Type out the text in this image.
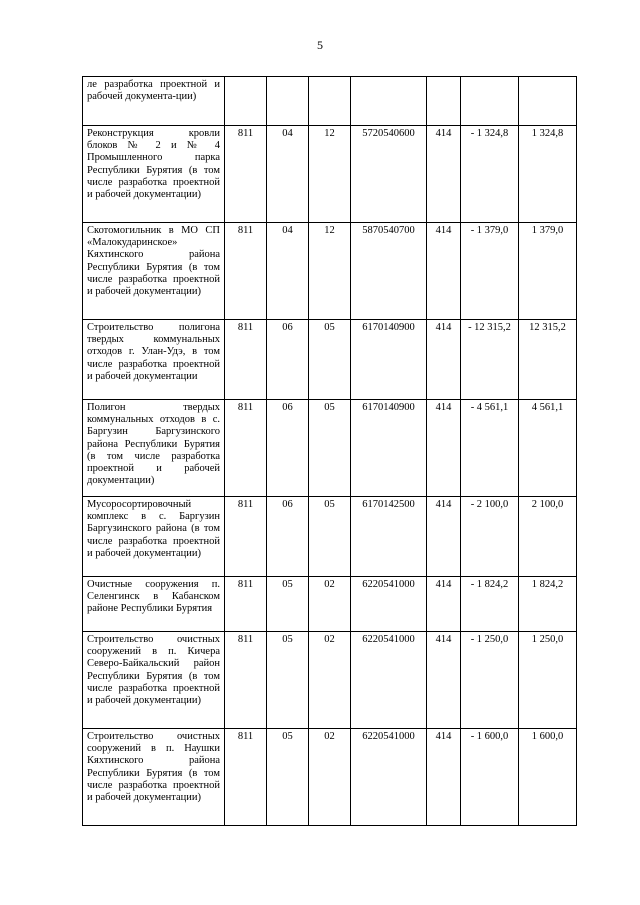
5
ле разработка проектной и рабочей документа-ции)							

Реконструкция кровли блоков № 2 и № 4 Промышленного парка Республики Бурятия (в том числе разработка проектной и рабочей документации)	811	04	12	5720540600	414	- 1 324,8	1 324,8

Скотомогильник в МО СП «Малокударинское» Кяхтинского района Республики Бурятия (в том числе разработка проектной и рабочей документации)	811	04	12	5870540700	414	- 1 379,0	1 379,0

Строительство полигона твердых коммунальных отходов г. Улан-Удэ, в том числе разработка проектной и рабочей документации	811	06	05	6170140900	414	- 12 315,2	12 315,2

Полигон твердых коммунальных отходов в с. Баргузин Баргузинского района Республики Бурятия (в том числе разработка проектной и рабочей документации)	811	06	05	6170140900	414	- 4 561,1	4 561,1

Мусоросортировочный комплекс в с. Баргузин Баргузинского района (в том числе разработка проектной и рабочей документации)	811	06	05	6170142500	414	- 2 100,0	2 100,0

Очистные сооружения п. Селенгинск в Кабанском районе Республики Бурятия	811	05	02	6220541000	414	- 1 824,2	1 824,2

Строительство очистных сооружений в п. Кичера Северо-Байкальский район Республики Бурятия (в том числе разработка проектной и рабочей документации)	811	05	02	6220541000	414	- 1 250,0	1 250,0

Строительство очистных сооружений в п. Наушки Кяхтинского района Республики Бурятия (в том числе разработка проектной и рабочей документации)	811	05	02	6220541000	414	- 1 600,0	1 600,0
